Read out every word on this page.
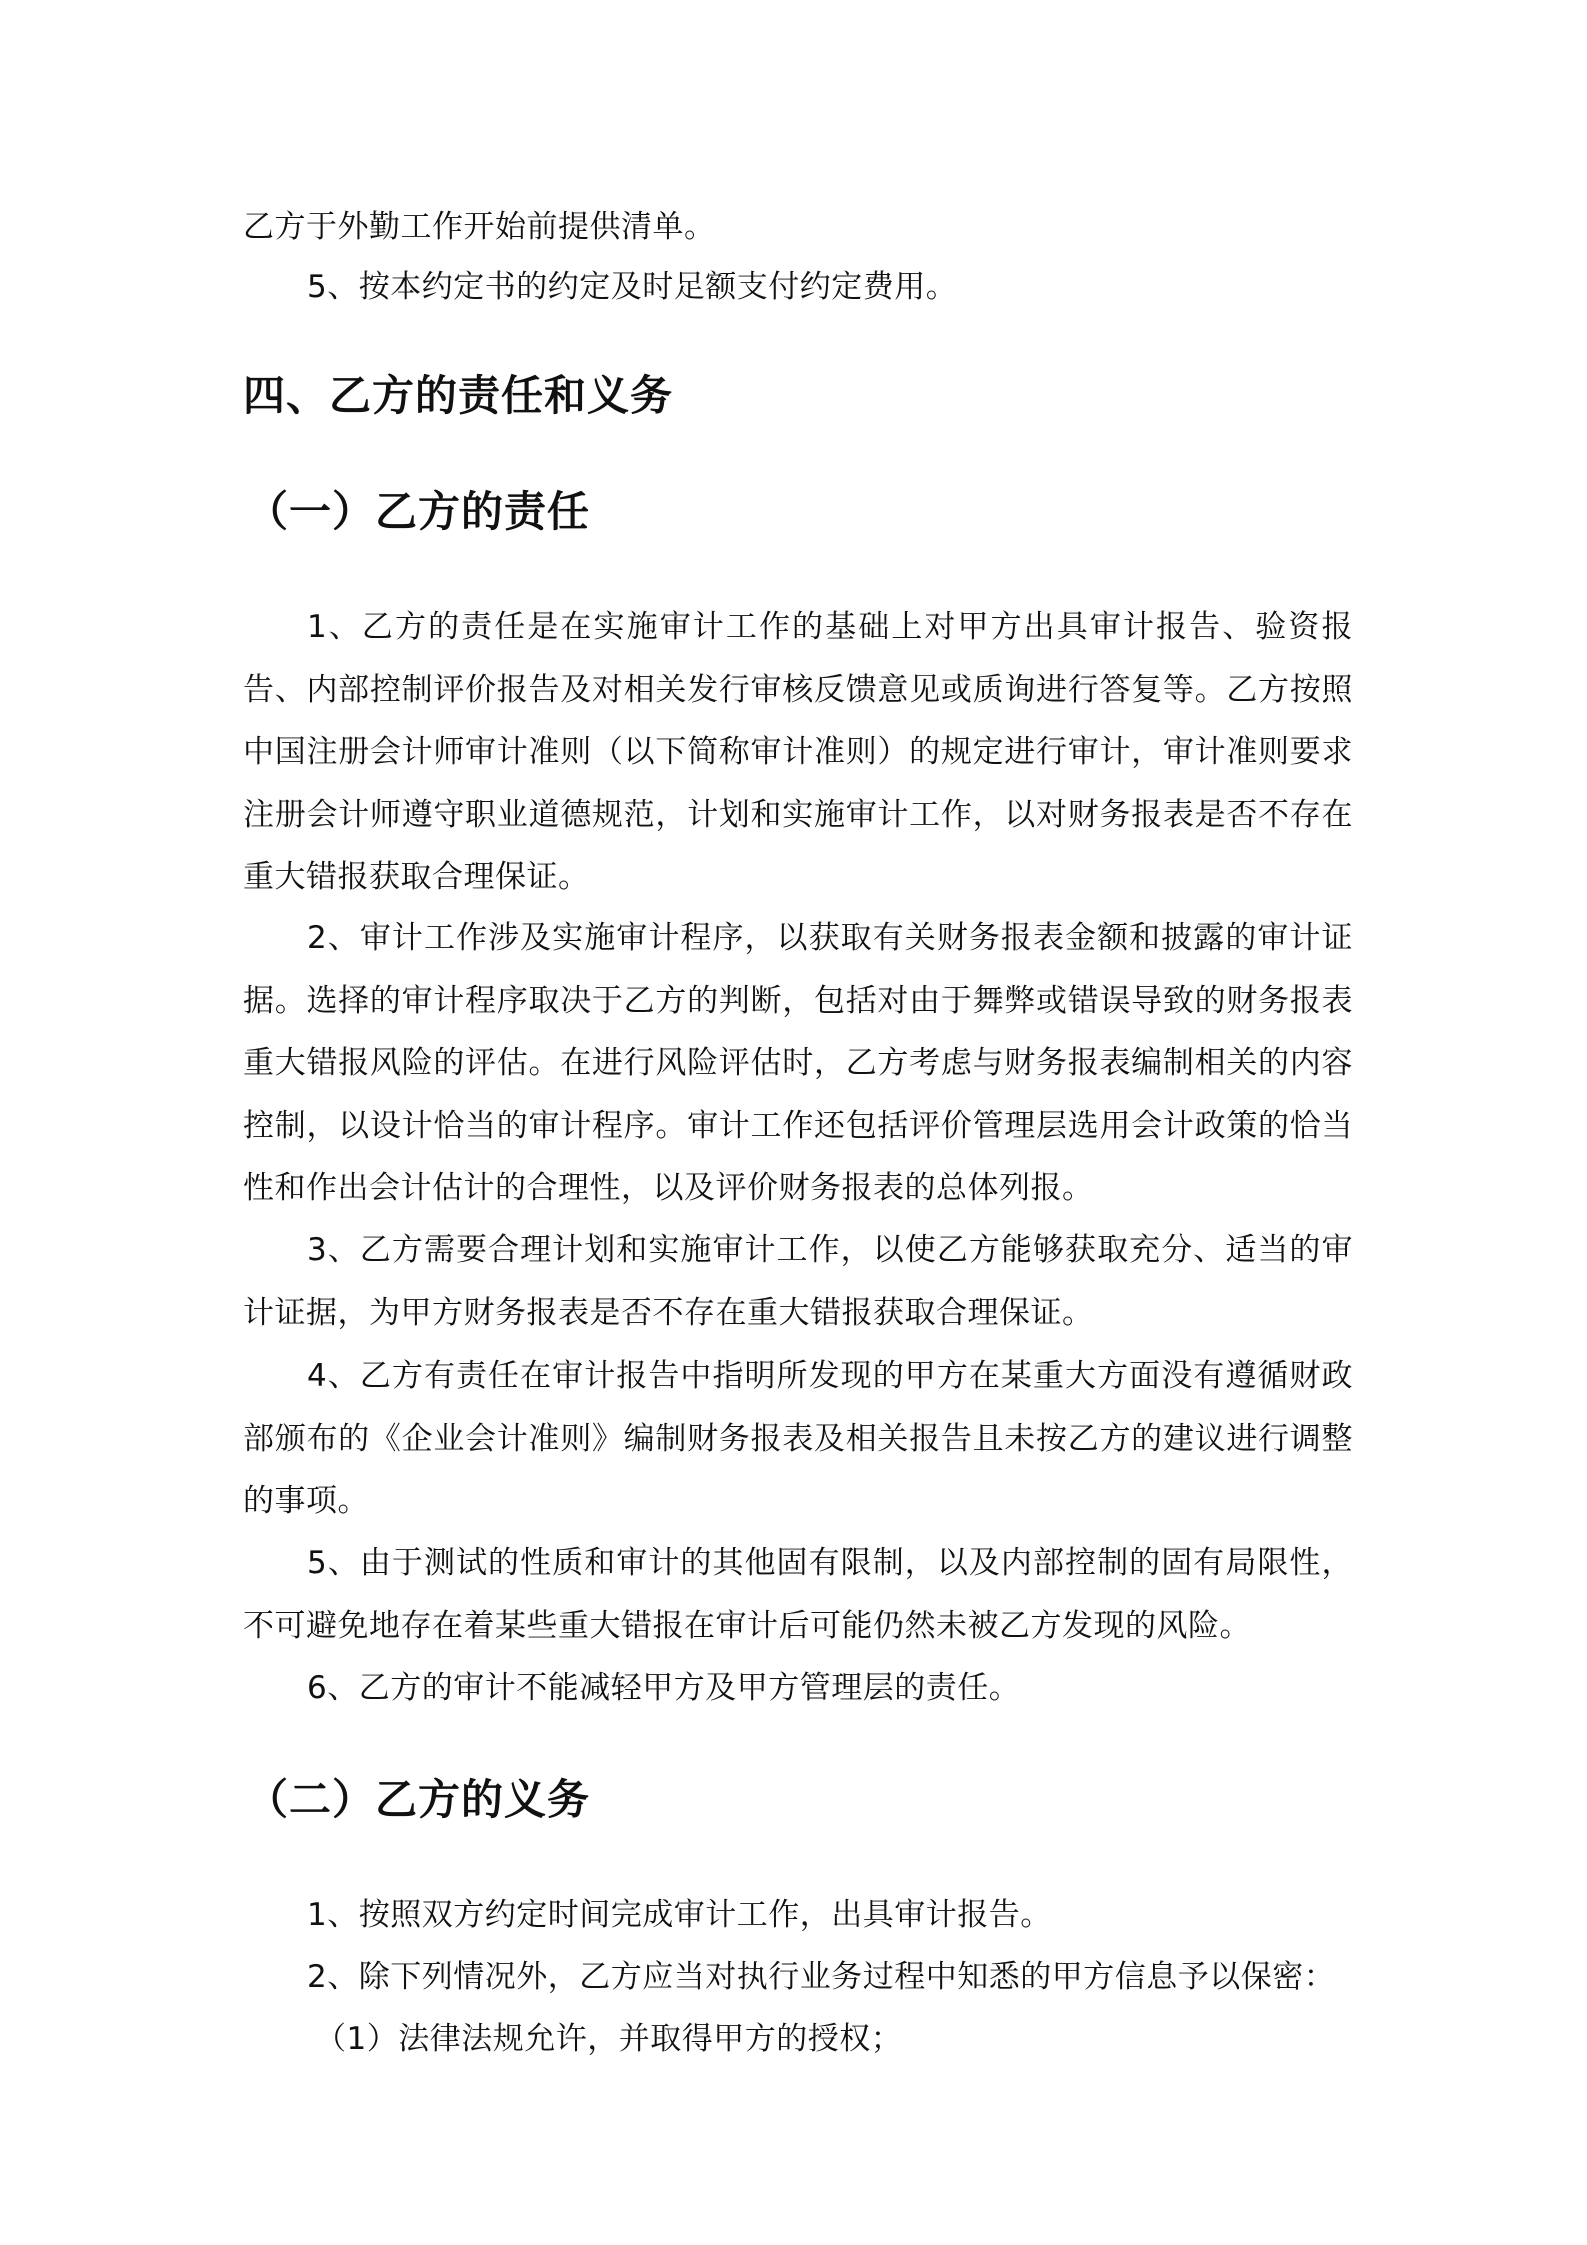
乙方于外勤工作开始前提供清单。

5、按本约定书的约定及时足额支付约定费用。

四、乙方的责任和义务
（一）乙方的责任

1、乙方的责任是在实施审计工作的基础上对甲方出具审计报告、验资报告、内部控制评价报告及对相关发行审核反馈意见或质询进行答复等。乙方按照中国注册会计师审计准则（以下简称审计准则）的规定进行审计，审计准则要求注册会计师遵守职业道德规范，计划和实施审计工作，以对财务报表是否不存在重大错报获取合理保证。

2、审计工作涉及实施审计程序，以获取有关财务报表金额和披露的审计证据。选择的审计程序取决于乙方的判断，包括对由于舞弊或错误导致的财务报表重大错报风险的评估。在进行风险评估时，乙方考虑与财务报表编制相关的内容控制，以设计恰当的审计程序。审计工作还包括评价管理层选用会计政策的恰当性和作出会计估计的合理性，以及评价财务报表的总体列报。

3、乙方需要合理计划和实施审计工作，以使乙方能够获取充分、适当的审计证据，为甲方财务报表是否不存在重大错报获取合理保证。

4、乙方有责任在审计报告中指明所发现的甲方在某重大方面没有遵循财政部颁布的《企业会计准则》编制财务报表及相关报告且未按乙方的建议进行调整的事项。

5、由于测试的性质和审计的其他固有限制，以及内部控制的固有局限性，不可避免地存在着某些重大错报在审计后可能仍然未被乙方发现的风险。

6、乙方的审计不能减轻甲方及甲方管理层的责任。

（二）乙方的义务

1、按照双方约定时间完成审计工作，出具审计报告。

2、除下列情况外，乙方应当对执行业务过程中知悉的甲方信息予以保密：

（1）法律法规允许，并取得甲方的授权；
